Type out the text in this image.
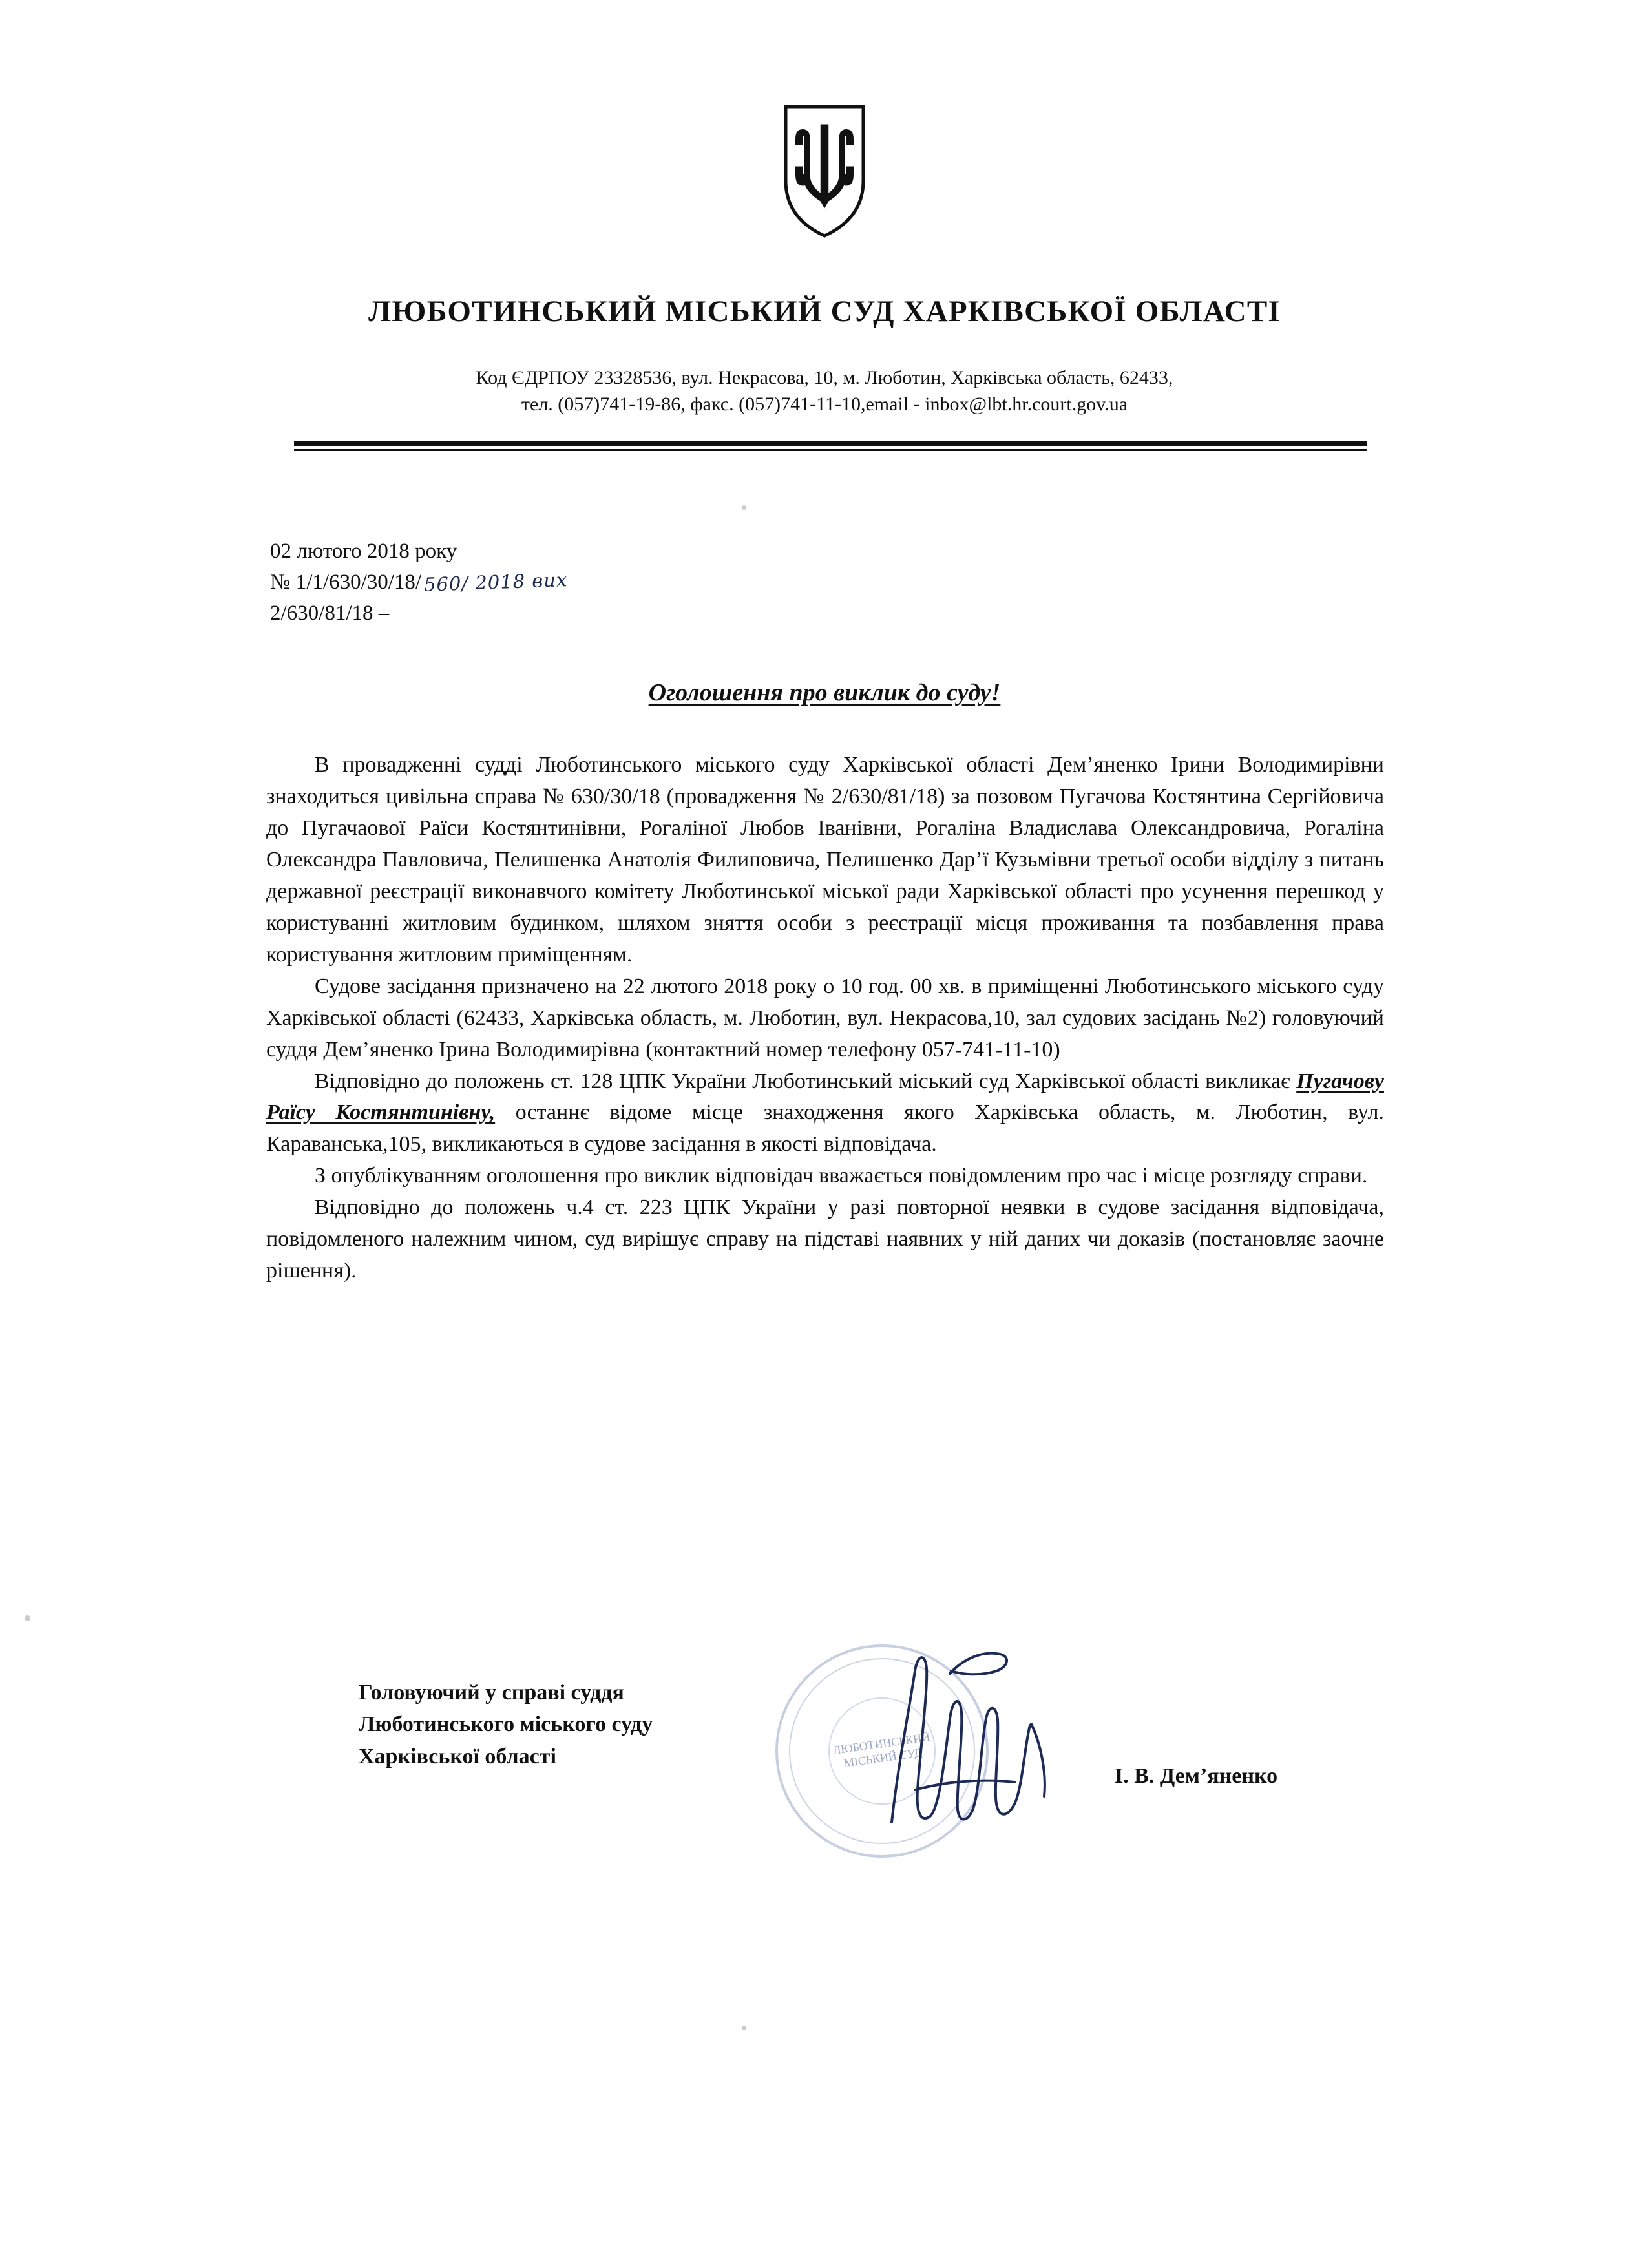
ЛЮБОТИНСЬКИЙ МІСЬКИЙ СУД ХАРКІВСЬКОЇ ОБЛАСТІ
Код ЄДРПОУ 23328536, вул. Некрасова, 10, м. Люботин, Харківська область, 62433,
тел. (057)741-19-86, факс. (057)741-11-10,email - inbox@lbt.hr.court.gov.ua
02 лютого 2018 року
№ 1/1/630/30/18/ 560/ 2018 вих
2/630/81/18 –
Оголошення про виклик до суду!

В провадженні судді Люботинського міського суду Харківської області Дем’яненко Ірини Володимирівни знаходиться цивільна справа № 630/30/18 (провадження № 2/630/81/18) за позовом Пугачова Костянтина Сергійовича до Пугачаової Раїси Костянтинівни, Рогаліної Любов Іванівни, Рогаліна Владислава Олександровича, Рогаліна Олександра Павловича, Пелишенка Анатолія Филиповича, Пелишенко Дар’ї Кузьмівни третьої особи відділу з питань державної реєстрації виконавчого комітету Люботинської міської ради Харківської області про усунення перешкод у користуванні житловим будинком, шляхом зняття особи з реєстрації місця проживання та позбавлення права користування житловим приміщенням.

Судове засідання призначено на 22 лютого 2018 року о 10 год. 00 хв. в приміщенні Люботинського міського суду Харківської області (62433, Харківська область, м. Люботин, вул. Некрасова,10, зал судових засідань №2) головуючий суддя Дем’яненко Ірина Володимирівна (контактний номер телефону 057-741-11-10)

Відповідно до положень ст. 128 ЦПК України Люботинський міський суд Харківської області викликає Пугачову Раїсу Костянтинівну, останнє відоме місце знаходження якого Харківська область, м. Люботин, вул. Караванська,105, викликаються в судове засідання в якості відповідача.

З опублікуванням оголошення про виклик відповідач вважається повідомленим про час і місце розгляду справи.

Відповідно до положень ч.4 ст. 223 ЦПК України у разі повторної неявки в судове засідання відповідача, повідомленого належним чином, суд вирішує справу на підставі наявних у ній даних чи доказів (постановляє заочне рішення).

Головуючий у справі суддя
Люботинського міського суду
Харківської області
І. В. Дем’яненко
ЛЮБОТИНСЬКИЙ МІСЬКИЙ СУД
